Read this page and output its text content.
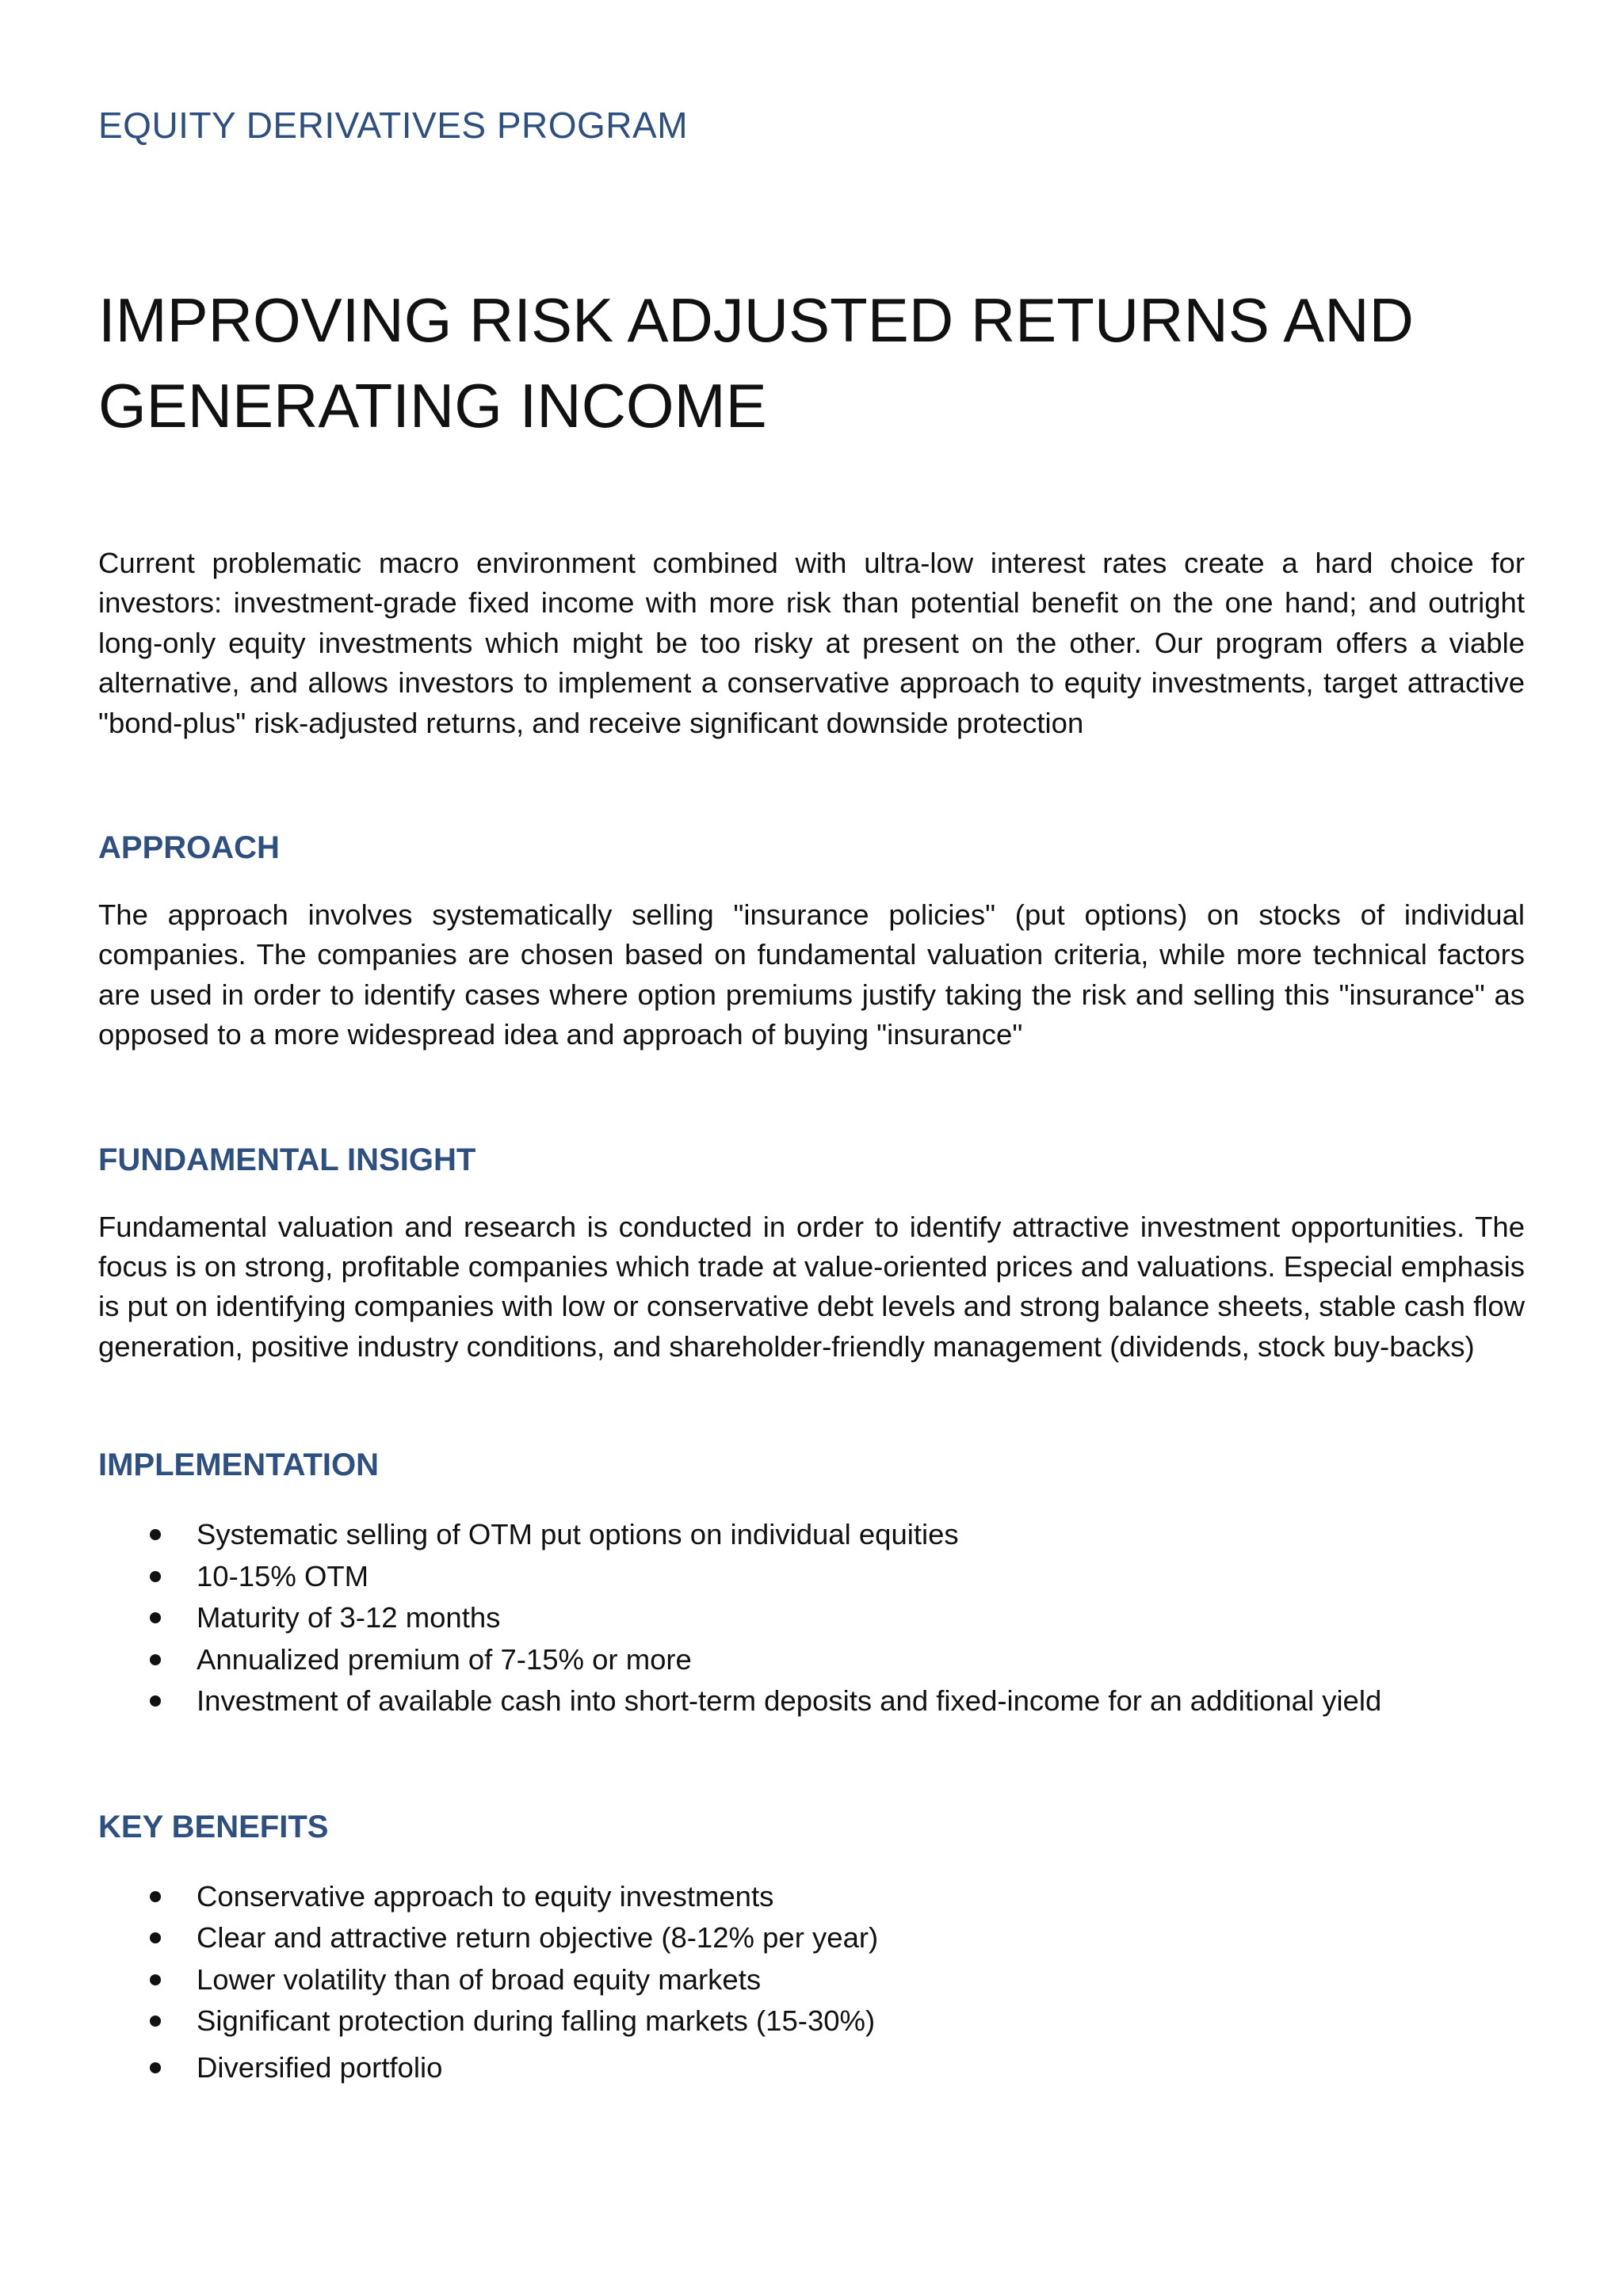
EQUITY DERIVATIVES PROGRAM

IMPROVING RISK ADJUSTED RETURNS AND
GENERATING INCOME

Current problematic macro environment combined with ultra-low interest rates create a hard choice for investors: investment-grade fixed income with more risk than potential benefit on the one hand; and outright long-only equity investments which might be too risky at present on the other. Our program offers a viable alternative, and allows investors to implement a conservative approach to equity investments, target attractive "bond-plus" risk-adjusted returns, and receive significant downside protection

APPROACH

The approach involves systematically selling "insurance policies" (put options) on stocks of individual companies. The companies are chosen based on fundamental valuation criteria, while more technical factors are used in order to identify cases where option premiums justify taking the risk and selling this "insurance" as opposed to a more widespread idea and approach of buying "insurance"

FUNDAMENTAL INSIGHT

Fundamental valuation and research is conducted in order to identify attractive investment opportunities. The focus is on strong, profitable companies which trade at value-oriented prices and valuations. Especial emphasis is put on identifying companies with low or conservative debt levels and strong balance sheets, stable cash flow generation, positive industry conditions, and shareholder-friendly management (dividends, stock buy-backs)

IMPLEMENTATION
Systematic selling of OTM put options on individual equities
10-15% OTM
Maturity of 3-12 months
Annualized premium of 7-15% or more
Investment of available cash into short-term deposits and fixed-income for an additional yield
KEY BENEFITS
Conservative approach to equity investments
Clear and attractive return objective (8-12% per year)
Lower volatility than of broad equity markets
Significant protection during falling markets (15-30%)
Diversified portfolio
